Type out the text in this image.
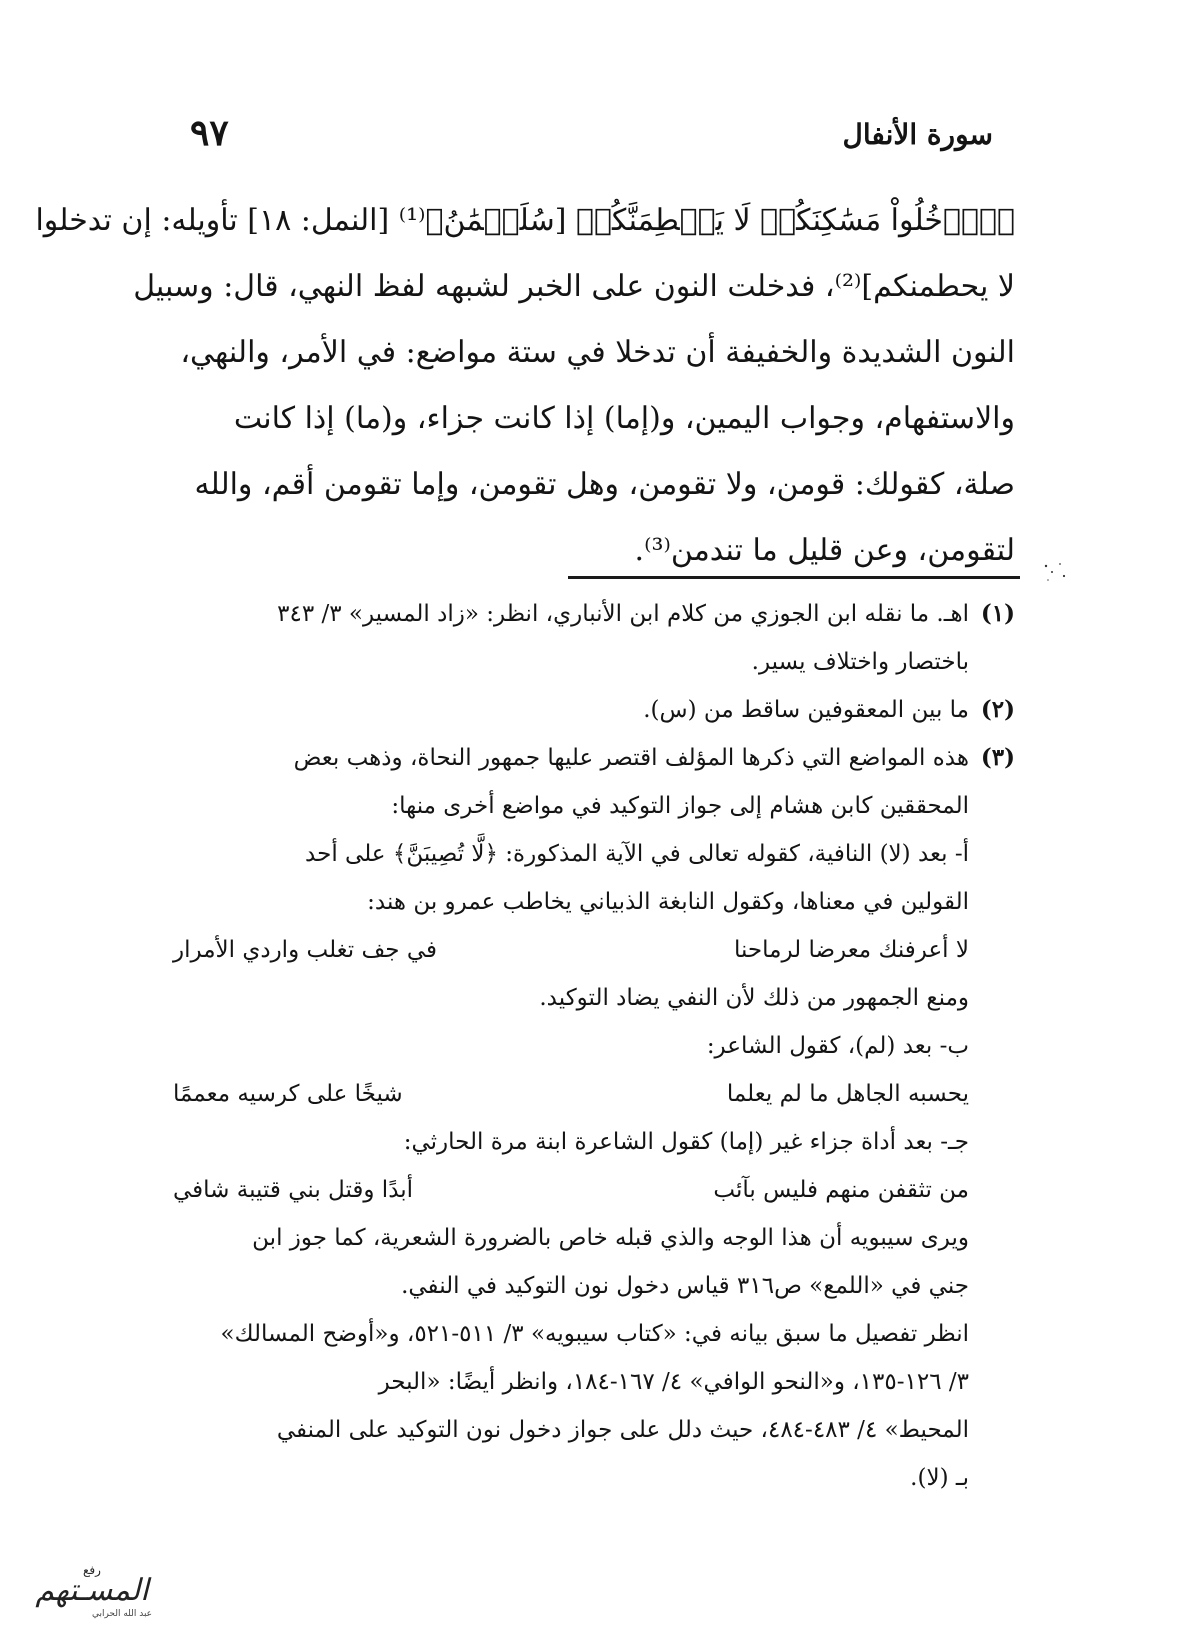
سورة الأنفال
٩٧
﴿ٱدۡخُلُواْ مَسَٰكِنَكُمۡ لَا يَحۡطِمَنَّكُمۡ [سُلَيۡمَٰنُ﴾⁽¹⁾ [النمل: ١٨] تأويله: إن تدخلوا
لا يحطمنكم]⁽²⁾، فدخلت النون على الخبر لشبهه لفظ النهي، قال: وسبيل
النون الشديدة والخفيفة أن تدخلا في ستة مواضع: في الأمر، والنهي،
والاستفهام، وجواب اليمين، و(إما) إذا كانت جزاء، و(ما) إذا كانت
صلة، كقولك: قومن، ولا تقومن، وهل تقومن، وإما تقومن أقم، والله
لتقومن، وعن قليل ما تندمن⁽³⁾.
(١)
اهـ. ما نقله ابن الجوزي من كلام ابن الأنباري، انظر: «زاد المسير» ٣/ ٣٤٣
باختصار واختلاف يسير.
(٢)
ما بين المعقوفين ساقط من (س).
(٣)
هذه المواضع التي ذكرها المؤلف اقتصر عليها جمهور النحاة، وذهب بعض
المحققين كابن هشام إلى جواز التوكيد في مواضع أخرى منها:
أ- بعد (لا) النافية، كقوله تعالى في الآية المذكورة: ﴿لَّا تُصِيبَنَّ﴾ على أحد
القولين في معناها، وكقول النابغة الذبياني يخاطب عمرو بن هند:
لا أعرفنك معرضا لرماحنا
في جف تغلب واردي الأمرار
ومنع الجمهور من ذلك لأن النفي يضاد التوكيد.
ب- بعد (لم)، كقول الشاعر:
يحسبه الجاهل ما لم يعلما
شيخًا على كرسيه معممًا
جـ- بعد أداة جزاء غير (إما) كقول الشاعرة ابنة مرة الحارثي:
من تثقفن منهم فليس بآئب
أبدًا وقتل بني قتيبة شافي
ويرى سيبويه أن هذا الوجه والذي قبله خاص بالضرورة الشعرية، كما جوز ابن
جني في «اللمع» ص٣١٦ قياس دخول نون التوكيد في النفي.
انظر تفصيل ما سبق بيانه في: «كتاب سيبويه» ٣/ ٥١١-٥٢١، و«أوضح المسالك»
٣/ ١٢٦-١٣٥، و«النحو الوافي» ٤/ ١٦٧-١٨٤، وانظر أيضًا: «البحر
المحيط» ٤/ ٤٨٣-٤٨٤، حيث دلل على جواز دخول نون التوكيد على المنفي
بـ (لا).
رفع
المسـتهم
عبد الله الحرابي
